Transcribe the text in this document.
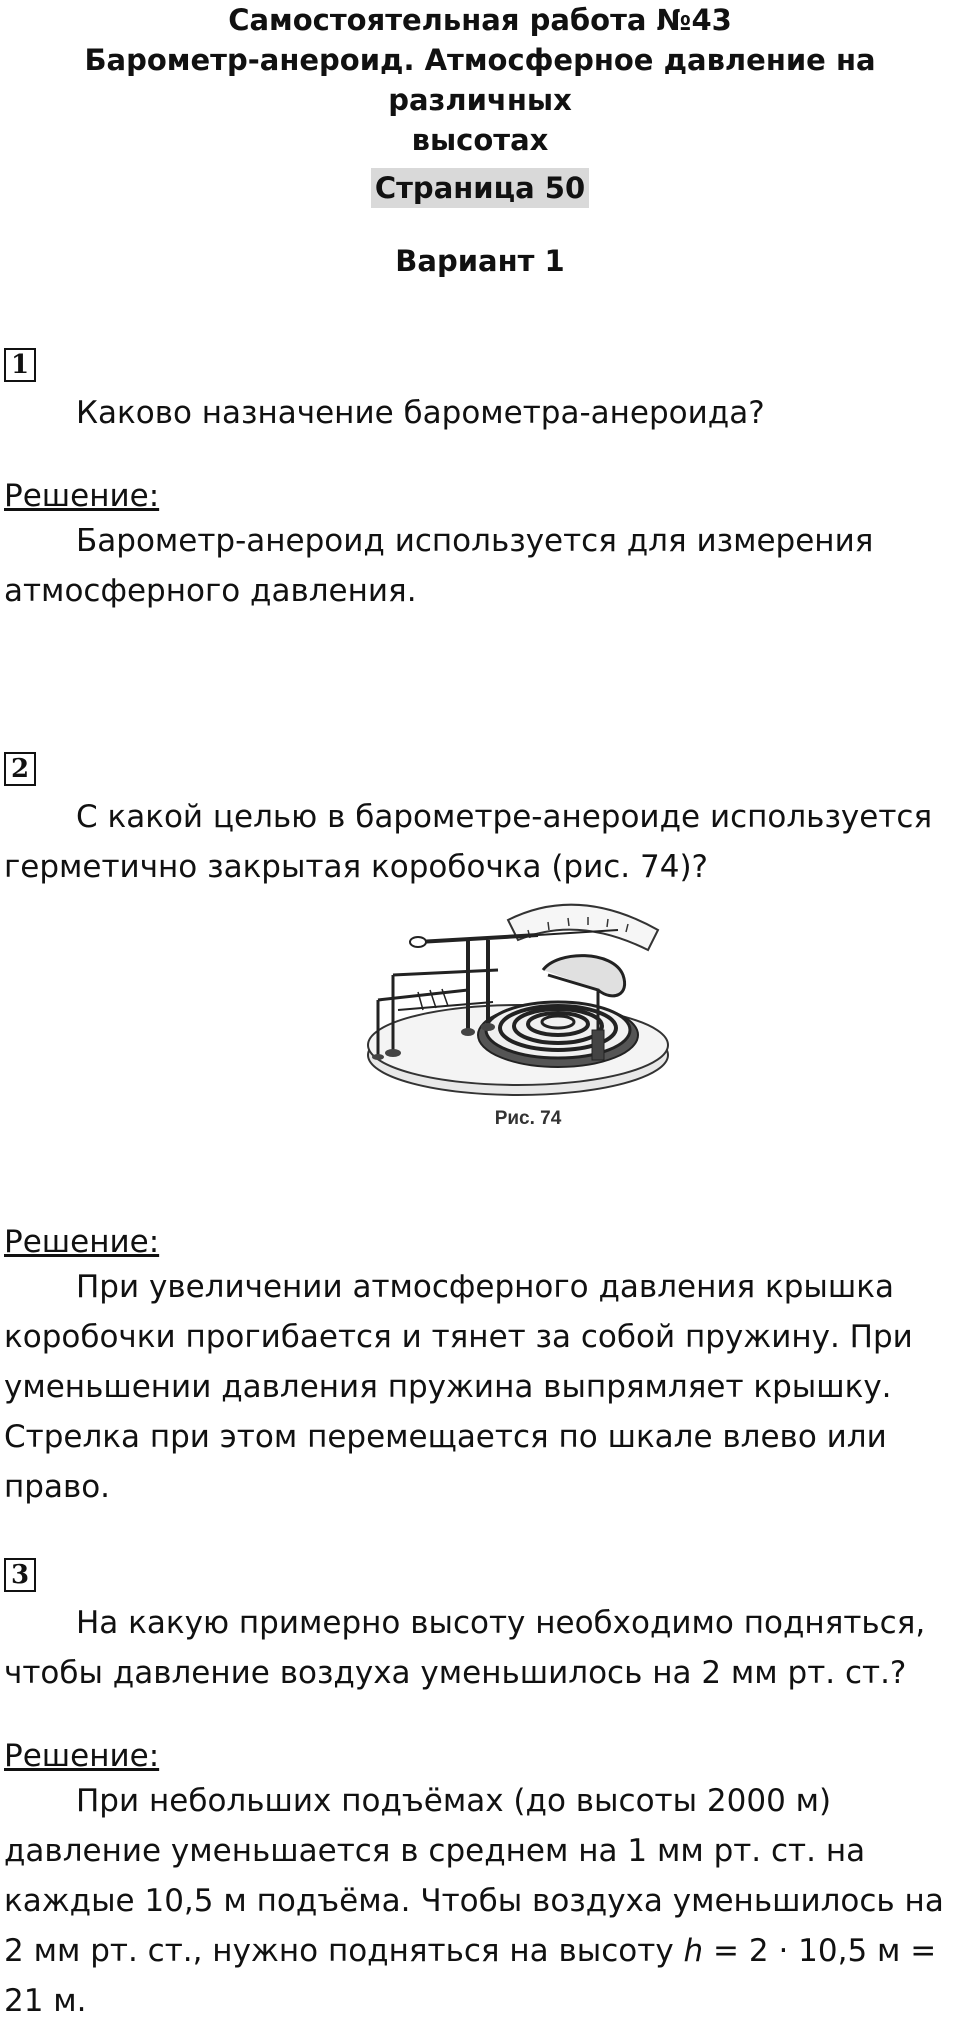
Самостоятельная работа №43
Барометр-анероид. Атмосферное давление на различных
высотах
Страница 50
Вариант 1
1

Каково назначение барометра-анероида?

Решение:

Барометр-анероид используется для измерения атмосферного давления.

2

С какой целью в барометре-анероиде используется герметично закрытая коробочка (рис. 74)?

Рис. 74

Решение:

При увеличении атмосферного давления крышка коробочки прогибается и тянет за собой пружину. При уменьшении давления пружина выпрямляет крышку. Стрелка при этом перемещается по шкале влево или право.

3

На какую примерно высоту необходимо подняться, чтобы давление воздуха уменьшилось на 2 мм рт. ст.?

Решение:

При небольших подъёмах (до высоты 2000 м) давление уменьшается в среднем на 1 мм рт. ст. на каждые 10,5 м подъёма. Чтобы воздуха уменьшилось на 2 мм рт. ст., нужно подняться на высоту h = 2 · 10,5 м = 21 м.
